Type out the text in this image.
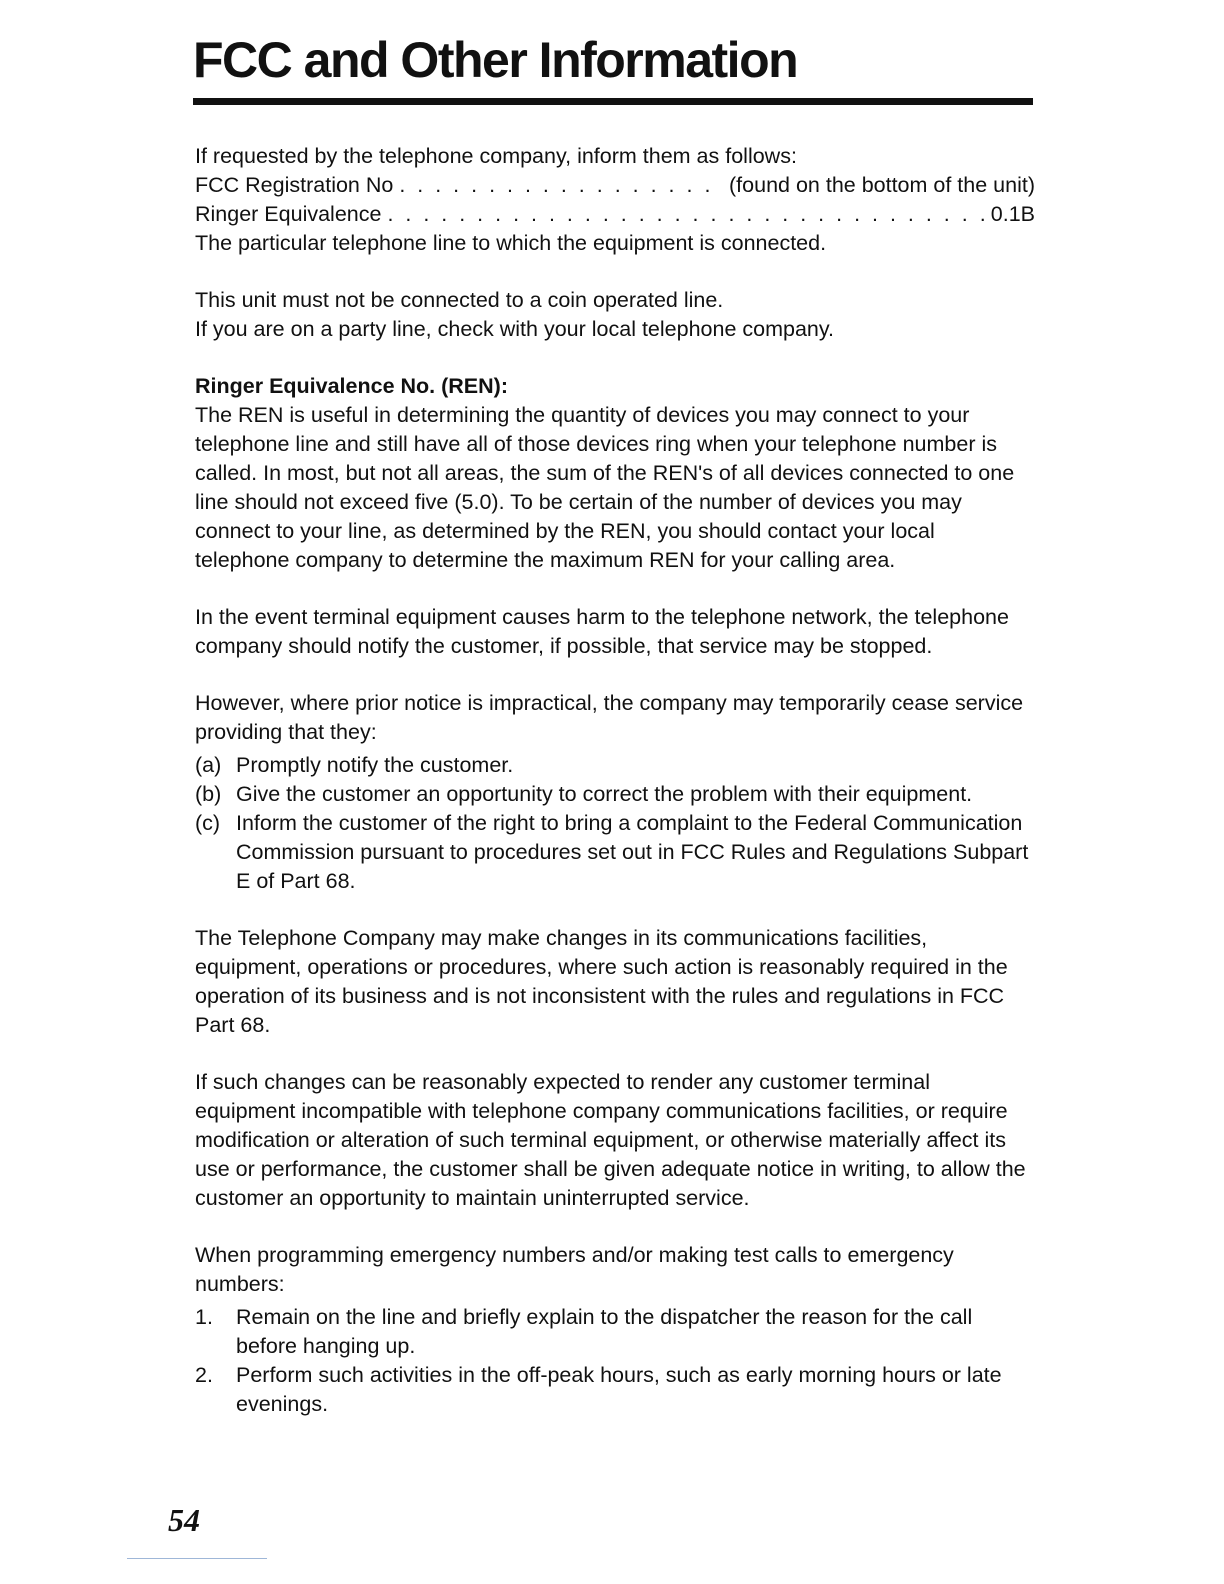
FCC and Other Information

If requested by the telephone company, inform them as follows:

FCC Registration No . . .	(found on the bottom of the unit)
Ringer Equivalence . . .	0.1B

The particular telephone line to which the equipment is connected.

This unit must not be connected to a coin operated line.

If you are on a party line, check with your local telephone company.

Ringer Equivalence No. (REN):

The REN is useful in determining the quantity of devices you may connect to your telephone line and still have all of those devices ring when your telephone number is called. In most, but not all areas, the sum of the REN's of all devices connected to one line should not exceed five (5.0). To be certain of the number of devices you may connect to your line, as determined by the REN, you should contact your local telephone company to determine the maximum REN for your calling area.

In the event terminal equipment causes harm to the telephone network, the telephone company should notify the customer, if possible, that service may be stopped.

However, where prior notice is impractical, the company may temporarily cease service providing that they:

(a) Promptly notify the customer.
(b) Give the customer an opportunity to correct the problem with their equipment.
(c) Inform the customer of the right to bring a complaint to the Federal Communication Commission pursuant to procedures set out in FCC Rules and Regulations Subpart E of Part 68.

The Telephone Company may make changes in its communications facilities, equipment, operations or procedures, where such action is reasonably required in the operation of its business and is not inconsistent with the rules and regulations in FCC Part 68.

If such changes can be reasonably expected to render any customer terminal equipment incompatible with telephone company communications facilities, or require modification or alteration of such terminal equipment, or otherwise materially affect its use or performance, the customer shall be given adequate notice in writing, to allow the customer an opportunity to maintain uninterrupted service.

When programming emergency numbers and/or making test calls to emergency numbers:

1.	Remain on the line and briefly explain to the dispatcher the reason for the call before hanging up.
2.	Perform such activities in the off-peak hours, such as early morning hours or late evenings.
54
